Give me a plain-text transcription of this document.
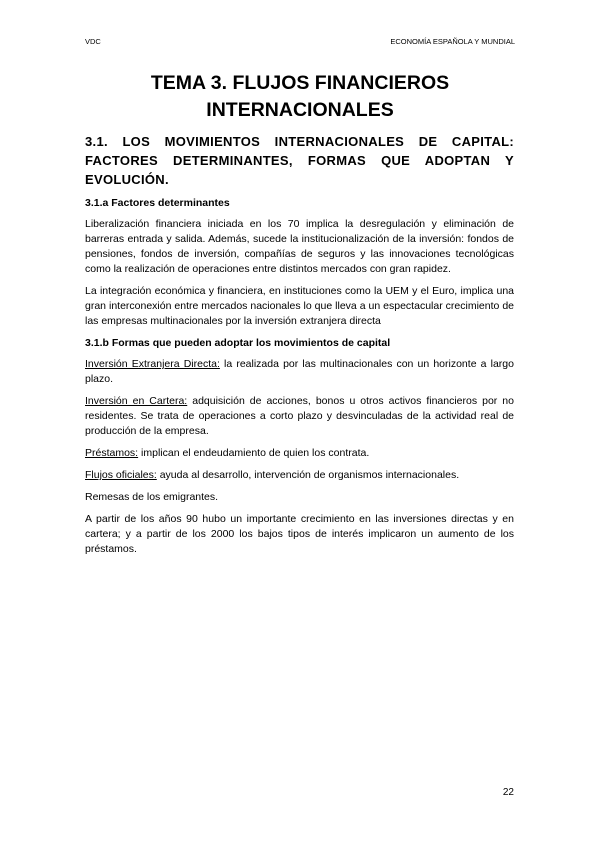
VDC	ECONOMÍA ESPAÑOLA Y MUNDIAL
TEMA 3. FLUJOS FINANCIEROS
INTERNACIONALES
3.1. LOS MOVIMIENTOS INTERNACIONALES DE CAPITAL: FACTORES DETERMINANTES, FORMAS QUE ADOPTAN Y EVOLUCIÓN.
3.1.a Factores determinantes
Liberalización financiera iniciada en los 70 implica la desregulación y eliminación de barreras entrada y salida. Además, sucede la institucionalización de la inversión: fondos de pensiones, fondos de inversión, compañías de seguros y las innovaciones tecnológicas como la realización de operaciones entre distintos mercados con gran rapidez.
La integración económica y financiera, en instituciones como la UEM y el Euro, implica una gran interconexión entre mercados nacionales lo que lleva a un espectacular crecimiento de las empresas multinacionales por la inversión extranjera directa
3.1.b Formas que pueden adoptar los movimientos de capital
Inversión Extranjera Directa: la realizada por las multinacionales con un horizonte a largo plazo.
Inversión en Cartera: adquisición de acciones, bonos u otros activos financieros por no residentes. Se trata de operaciones a corto plazo y desvinculadas de la actividad real de producción de la empresa.
Préstamos: implican el endeudamiento de quien los contrata.
Flujos oficiales: ayuda al desarrollo, intervención de organismos internacionales.
Remesas de los emigrantes.
A partir de los años 90 hubo un importante crecimiento en las inversiones directas y en cartera; y a partir de los 2000 los bajos tipos de interés implicaron un aumento de los préstamos.
22
